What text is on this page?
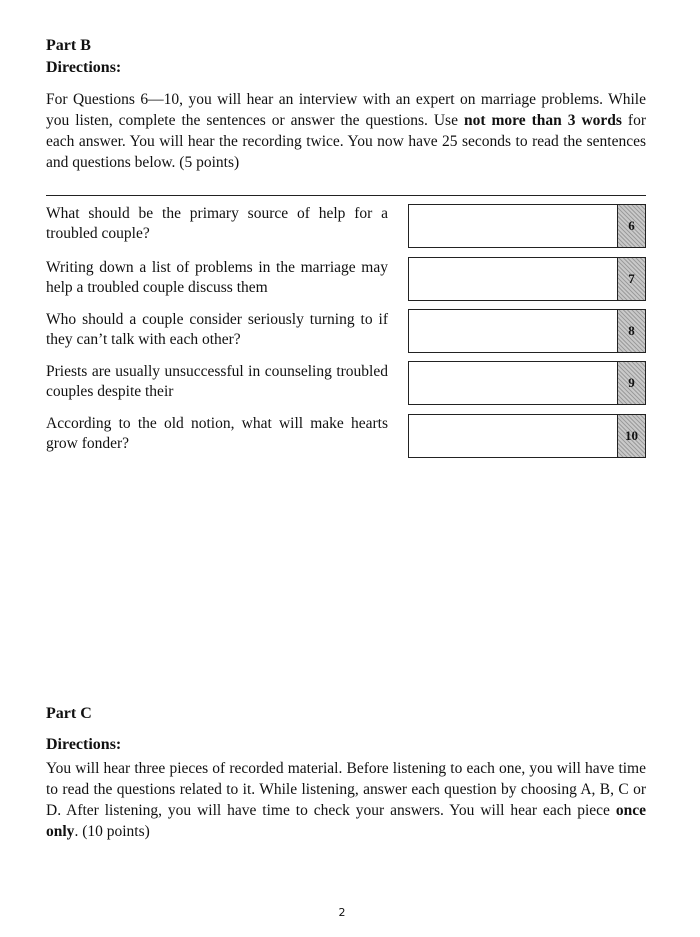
Part B
Directions:
For Questions 6—10, you will hear an interview with an expert on marriage problems. While you listen, complete the sentences or answer the questions. Use not more than 3 words for each answer. You will hear the recording twice. You now have 25 seconds to read the sentences and questions below. (5 points)
What should be the primary source of help for a troubled couple?	6
Writing down a list of problems in the marriage may help a troubled couple discuss them
7
Who should a couple consider seriously turning to if they can’t talk with each other?
8
Priests are usually unsuccessful in counseling troubled couples despite their
9
According to the old notion, what will make hearts grow fonder?	10
Part C
Directions:
You will hear three pieces of recorded material. Before listening to each one, you will have time to read the questions related to it. While listening, answer each question by choosing A, B, C or D. After listening, you will have time to check your answers. You will hear each piece once only. (10 points)
2
